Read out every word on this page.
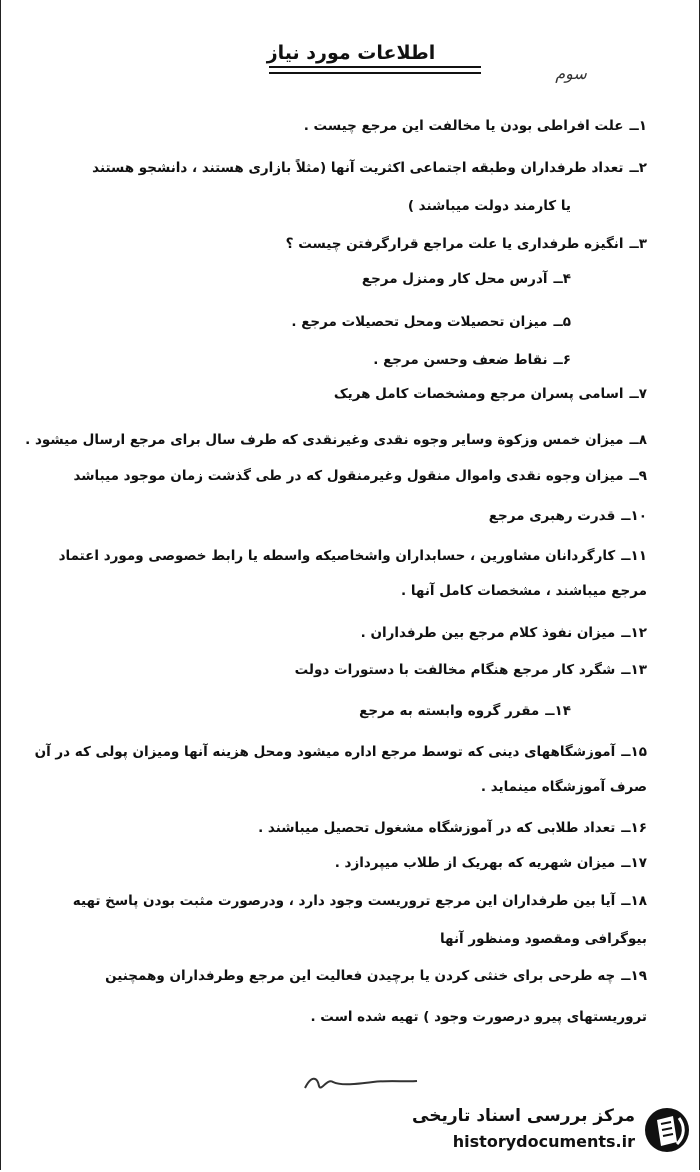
اطلاعات مورد نیاز
سوم
۱ــعلت افراطی بودن یا مخالفت این مرجع چیست .
۲ــتعداد طرفداران وطبقه اجتماعی اکثریت آنها (مثلاً بازاری هستند ، دانشجو هستند
یا کارمند دولت میباشند )
۳ــانگیزه طرفداری یا علت مراجع قرارگرفتن چیست ؟
۴ــآدرس محل کار ومنزل مرجع
۵ــمیزان تحصیلات ومحل تحصیلات مرجع .
۶ــنقاط ضعف وحسن مرجع .
۷ــاسامی پسران مرجع ومشخصات کامل هریک
۸ــمیزان خمس وزکوة وسایر وجوه نقدی وغیرنقدی که طرف سال برای مرجع ارسال میشود .
۹ــمیزان وجوه نقدی واموال منقول وغیرمنقول که در طی گذشت زمان موجود میباشد
۱۰ــقدرت رهبری مرجع
۱۱ــکارگردانان مشاورین ، حسابداران واشخاصیکه واسطه یا رابط خصوصی ومورد اعتماد
مرجع میباشند ، مشخصات کامل آنها .
۱۲ــمیزان نفوذ کلام مرجع بین طرفداران .
۱۳ــشگرد کار مرجع هنگام مخالفت با دستورات دولت
۱۴ــمقرر گروه وابسته به مرجع
۱۵ــآموزشگاههای دینی که توسط مرجع اداره میشود ومحل هزینه آنها ومیزان پولی که در آن
صرف آموزشگاه مینماید .
۱۶ــتعداد طلابی که در آموزشگاه مشغول تحصیل میباشند .
۱۷ــمیزان شهریه که بهریک از طلاب میپردازد .
۱۸ــآیا بین طرفداران این مرجع تروریست وجود دارد ، ودرصورت مثبت بودن پاسخ تهیه
بیوگرافی ومقصود ومنظور آنها
۱۹ــچه طرحی برای خنثی کردن یا برچیدن فعالیت این مرجع وطرفداران وهمچنین
تروریستهای پیرو درصورت وجود ) تهیه شده است .
مرکز بررسی اسناد تاریخی
historydocuments.ir
